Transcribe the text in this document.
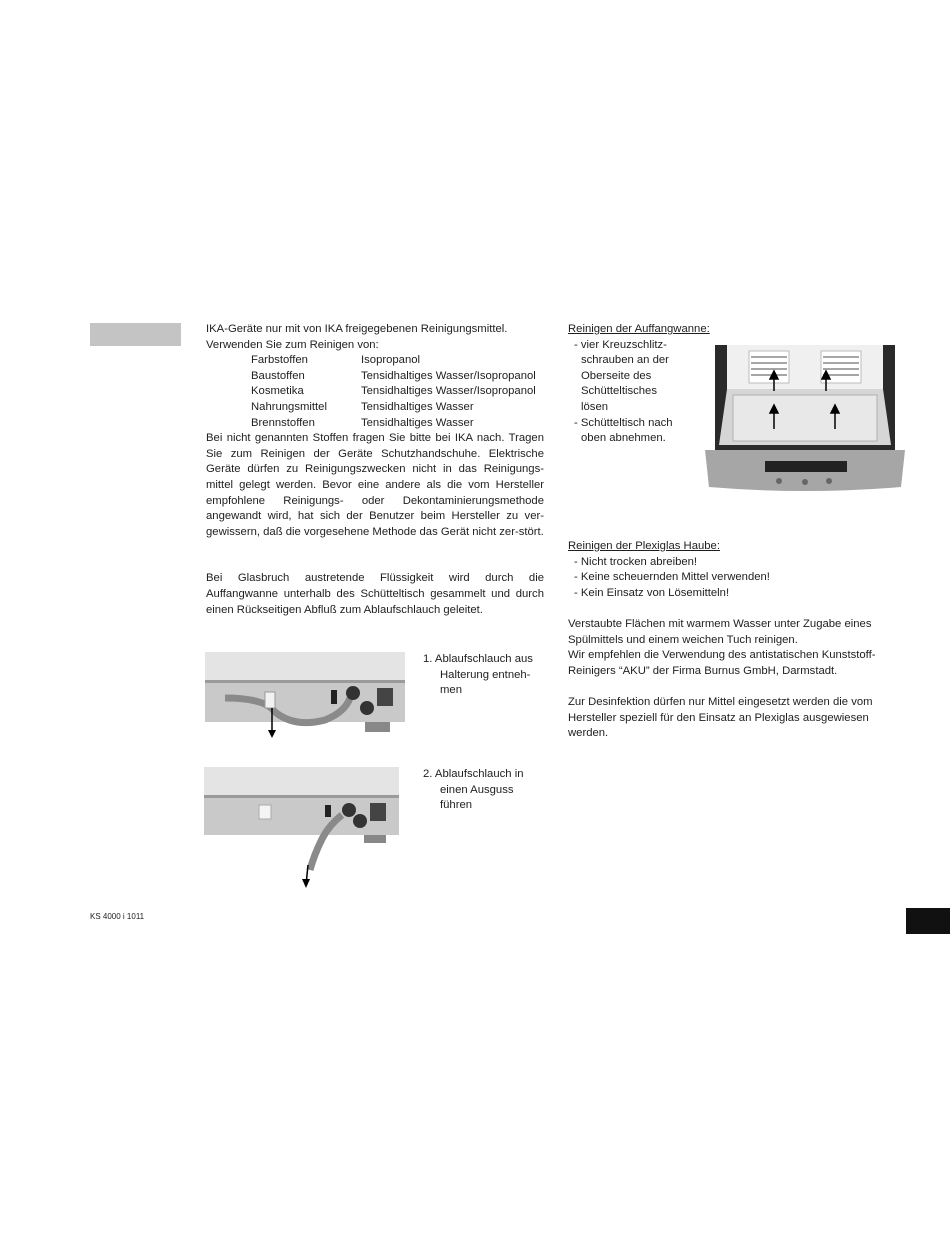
KS 4000 i 1011

IKA-Geräte nur mit von IKA freigegebenen Reinigungsmittel.

Verwenden Sie zum Reinigen von:

Farbstoffen	Isopropanol
Baustoffen	Tensidhaltiges Wasser/Isopropanol
Kosmetika	Tensidhaltiges Wasser/Isopropanol
Nahrungsmittel	Tensidhaltiges Wasser
Brennstoffen	Tensidhaltiges Wasser

Bei nicht genannten Stoffen fragen Sie bitte bei IKA nach. Tragen Sie zum Reinigen der Geräte Schutzhandschuhe. Elektrische Geräte dürfen zu Reinigungszwecken nicht in das Reinigungs-mittel gelegt werden. Bevor eine andere als die vom Hersteller empfohlene Reinigungs- oder Dekontaminierungsmethode angewandt wird, hat sich der Benutzer beim Hersteller zu ver-gewissern, daß die vorgesehene Methode das Gerät nicht zer-stört.

Bei Glasbruch austretende Flüssigkeit wird durch die Auffangwanne unterhalb des Schütteltisch gesammelt und durch einen Rückseitigen Abfluß zum Ablaufschlauch geleitet.

1. Ablaufschlauch aus
Halterung entneh-
men
2. Ablaufschlauch in
einen Ausguss
führen

Reinigen der Auffangwanne:

- vier Kreuzschlitz-
schrauben an der
Oberseite des
Schütteltisches
lösen
- Schütteltisch nach
oben abnehmen.

Reinigen der Plexiglas Haube:

- Nicht trocken abreiben!
- Keine scheuernden Mittel verwenden!
- Kein Einsatz von Lösemitteln!

Verstaubte Flächen mit warmem Wasser unter Zugabe eines Spülmittels und einem weichen Tuch reinigen.

Wir empfehlen die Verwendung des antistatischen Kunststoff-Reinigers “AKU” der Firma Burnus GmbH, Darmstadt.

Zur Desinfektion dürfen nur Mittel eingesetzt werden die vom Hersteller speziell für den Einsatz an Plexiglas ausgewiesen werden.
